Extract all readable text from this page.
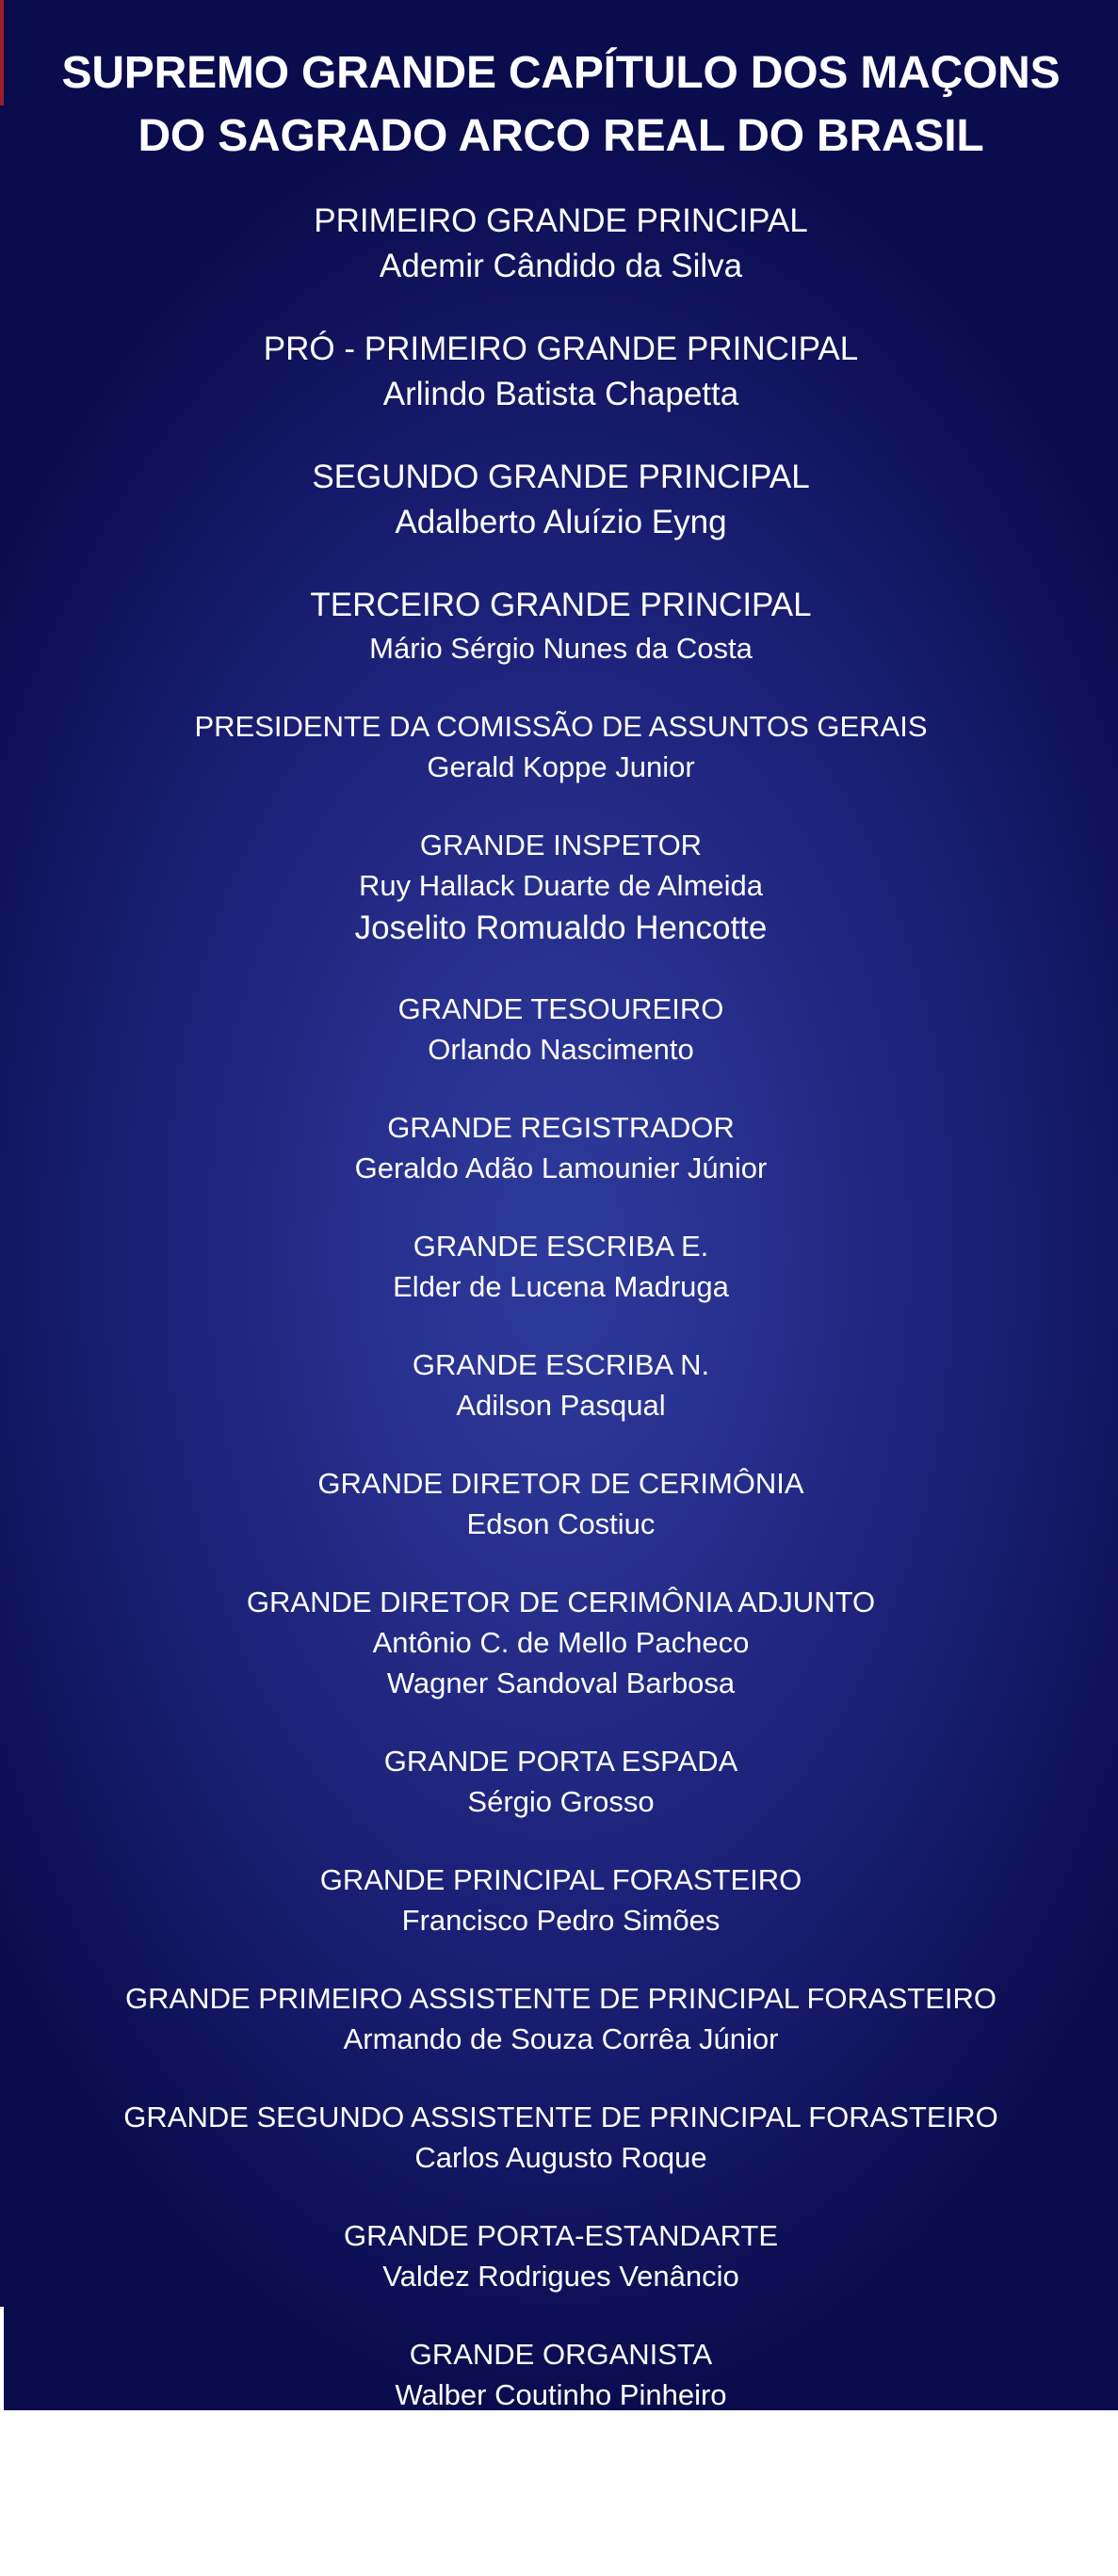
SUPREMO GRANDE CAPÍTULO DOS MAÇONS
DO SAGRADO ARCO REAL DO BRASIL
PRIMEIRO GRANDE PRINCIPAL
Ademir Cândido da Silva
PRÓ - PRIMEIRO GRANDE PRINCIPAL
Arlindo Batista Chapetta
SEGUNDO GRANDE PRINCIPAL
Adalberto Aluízio Eyng
TERCEIRO GRANDE PRINCIPAL
Mário Sérgio Nunes da Costa
PRESIDENTE DA COMISSÃO DE ASSUNTOS GERAIS
Gerald Koppe Junior
GRANDE INSPETOR
Ruy Hallack Duarte de Almeida
Joselito Romualdo Hencotte
GRANDE TESOUREIRO
Orlando Nascimento
GRANDE REGISTRADOR
Geraldo Adão Lamounier Júnior
GRANDE ESCRIBA E.
Elder de Lucena Madruga
GRANDE ESCRIBA N.
Adilson Pasqual
GRANDE DIRETOR DE CERIMÔNIA
Edson Costiuc
GRANDE DIRETOR DE CERIMÔNIA ADJUNTO
Antônio C. de Mello Pacheco
Wagner Sandoval Barbosa
GRANDE PORTA ESPADA
Sérgio Grosso
GRANDE PRINCIPAL FORASTEIRO
Francisco Pedro Simões
GRANDE PRIMEIRO ASSISTENTE DE PRINCIPAL FORASTEIRO
Armando de Souza Corrêa Júnior
GRANDE SEGUNDO ASSISTENTE DE PRINCIPAL FORASTEIRO
Carlos Augusto Roque
GRANDE PORTA-ESTANDARTE
Valdez Rodrigues Venâncio
GRANDE ORGANISTA
Walber Coutinho Pinheiro
GRANDE GUARDIÃO
Antônio Coelho Junior
